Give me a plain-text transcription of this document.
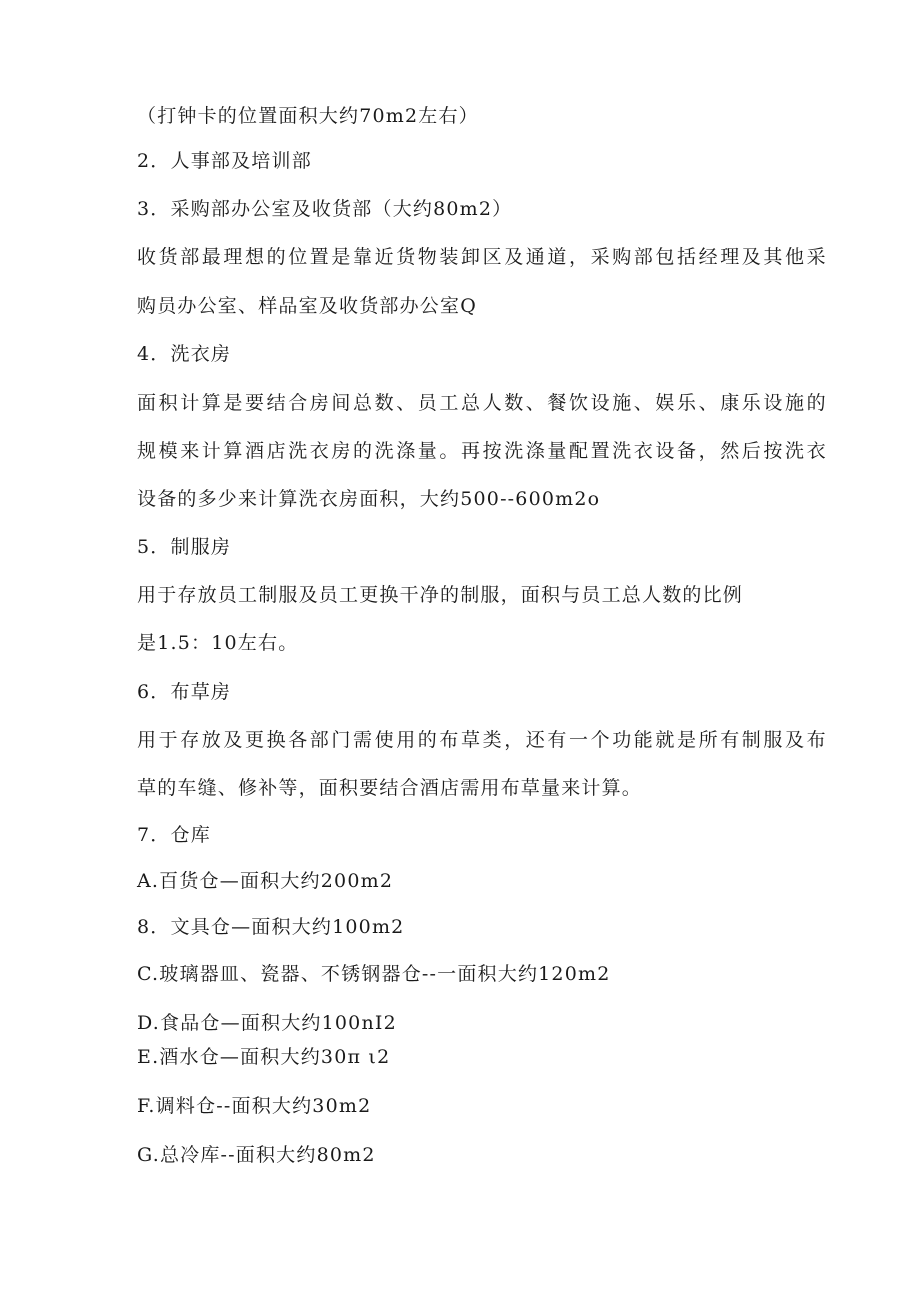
（打钟卡的位置面积大约70m2左右）
2．人事部及培训部
3．采购部办公室及收货部（大约80m2）
收货部最理想的位置是靠近货物装卸区及通道，采购部包括经理及其他采
购员办公室、样品室及收货部办公室Q
4．洗衣房
面积计算是要结合房间总数、员工总人数、餐饮设施、娱乐、康乐设施的
规模来计算酒店洗衣房的洗涤量。再按洗涤量配置洗衣设备，然后按洗衣
设备的多少来计算洗衣房面积，大约500--600m2o
5．制服房
用于存放员工制服及员工更换干净的制服，面积与员工总人数的比例
是1.5：10左右。
6．布草房
用于存放及更换各部门需使用的布草类，还有一个功能就是所有制服及布
草的车缝、修补等，面积要结合酒店需用布草量来计算。
7．仓库
A.百货仓—面积大约200m2
8．文具仓—面积大约100m2
C.玻璃器皿、瓷器、不锈钢器仓--一面积大约120m2
D.食品仓—面积大约100nI2
E.酒水仓—面积大约30π ι2
F.调料仓--面积大约30m2
G.总冷库--面积大约80m2
